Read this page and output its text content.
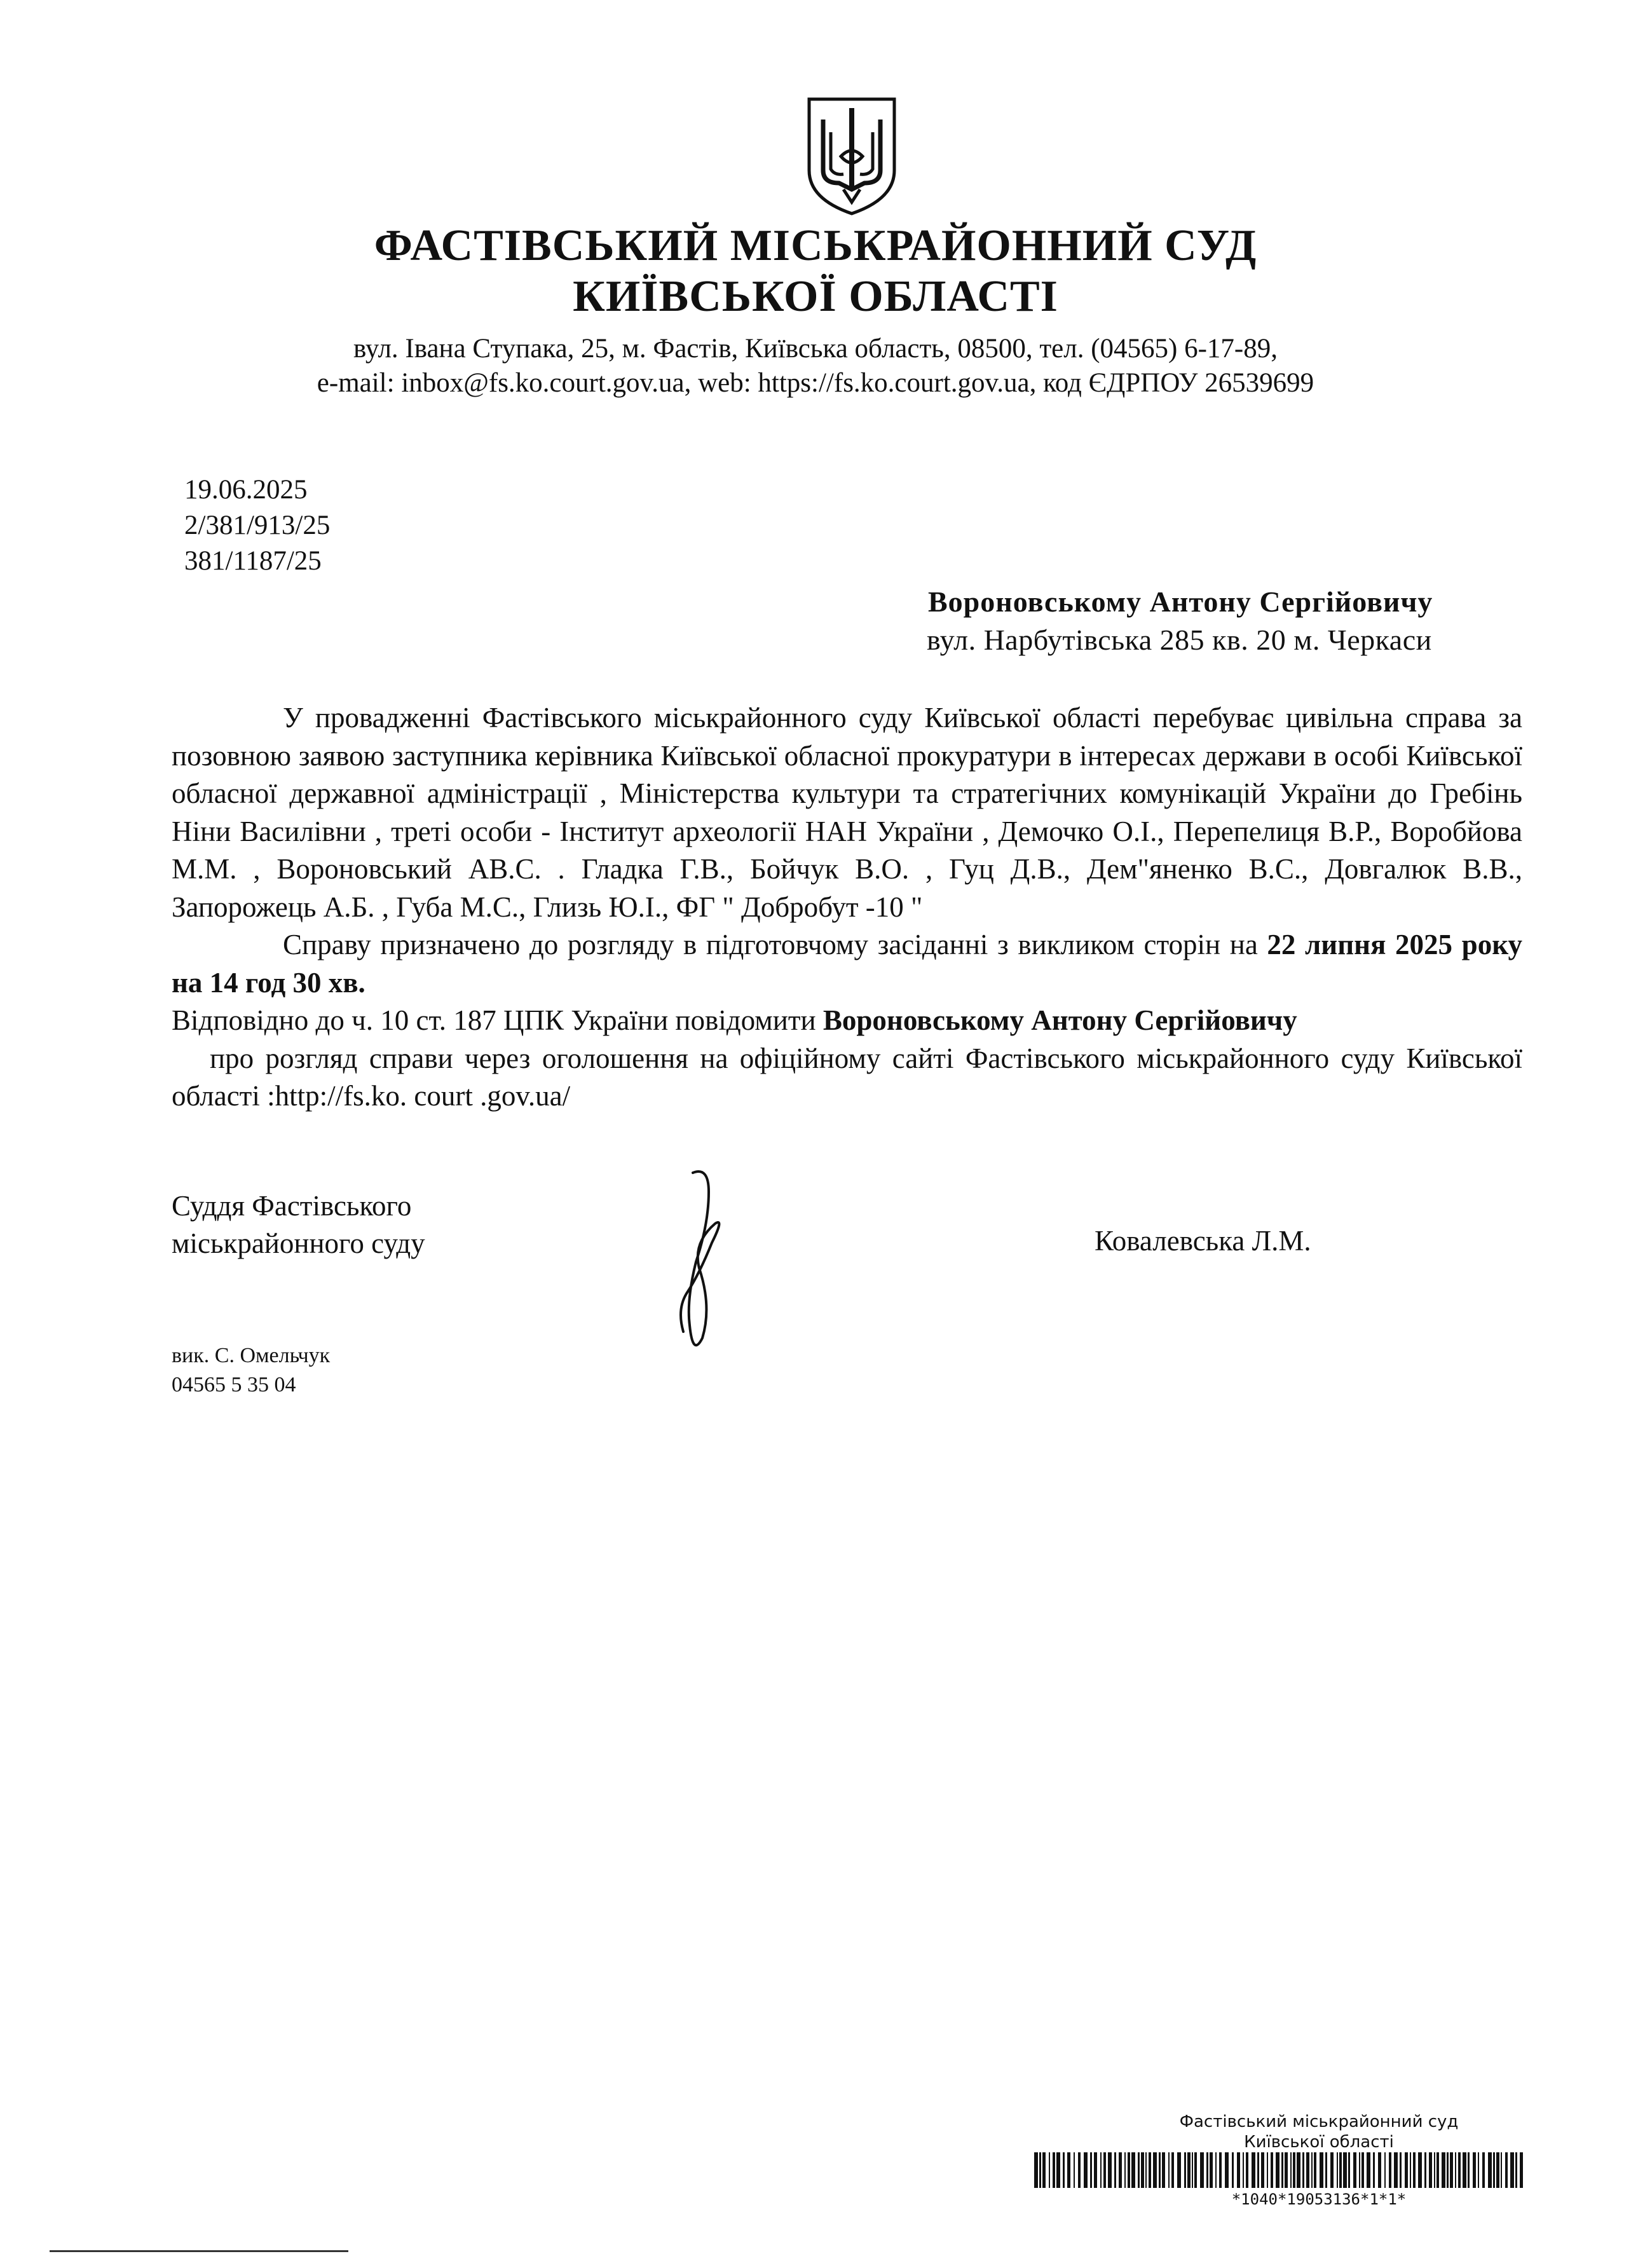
ФАСТІВСЬКИЙ МІСЬКРАЙОННИЙ СУД
КИЇВСЬКОЇ ОБЛАСТІ
вул. Івана Ступака, 25, м. Фастів, Київська область, 08500, тел. (04565) 6-17-89,
e-mail: inbox@fs.ko.court.gov.ua, web: https://fs.ko.court.gov.ua, код ЄДРПОУ 26539699
19.06.2025
2/381/913/25
381/1187/25
Вороновському Антону Сергійовичу
вул. Нарбутівська 285 кв. 20 м. Черкаси
У провадженні Фастівського міськрайонного суду Київської області перебуває цивільна справа за позовною заявою заступника керівника Київської обласної прокуратури в інтересах держави в особі Київської обласної державної адміністрації , Міністерства культури та стратегічних комунікацій України до Гребінь Ніни Василівни , треті особи - Інститут археології НАН України , Демочко О.І., Перепелиця В.Р., Воробйова М.М. , Вороновський АВ.С. . Гладка Г.В., Бойчук В.О. , Гуц Д.В., Дем"яненко В.С., Довгалюк В.В., Запорожець А.Б. , Губа М.С., Глизь Ю.І., ФГ " Добробут -10 "
Справу призначено до розгляду в підготовчому засіданні з викликом сторін на 22 липня 2025 року на 14 год 30 хв.
Відповідно до ч. 10 ст. 187 ЦПК України повідомити Вороновському Антону Сергійовичу
про розгляд справи через оголошення на офіційному сайті Фастівського міськрайонного суду Київської області :http://fs.ko. court .gov.ua/
Суддя Фастівського
міськрайонного суду	Ковалевська Л.М.
вик. С. Омельчук
04565 5 35 04
Фастівський міськрайонний суд
Київської області
*1040*19053136*1*1*
